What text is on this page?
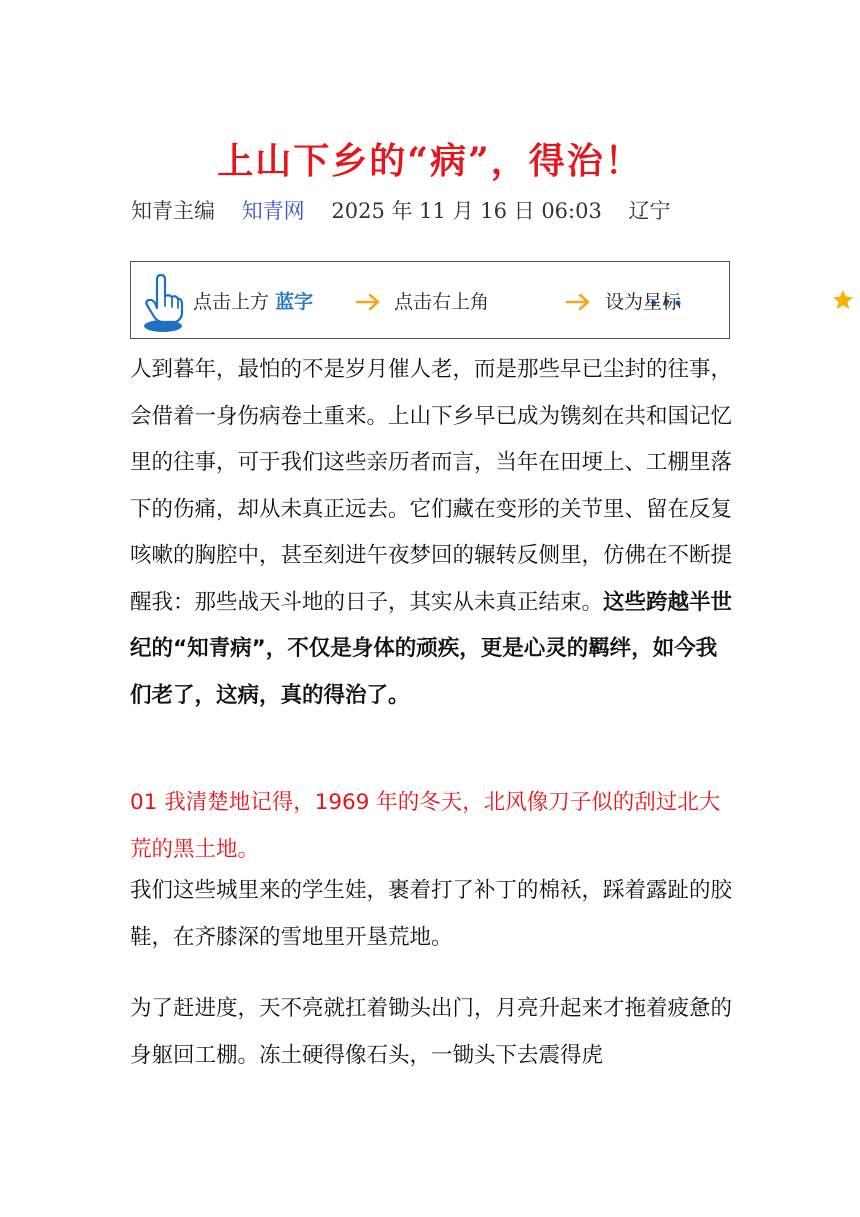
上山下乡的“病”，得治！
知青主编 知青网 2025 年 11 月 16 日 06:03 辽宁
点击上方 蓝字	点击右上角	设为星标
人到暮年，最怕的不是岁月催人老，而是那些早已尘封的往事，会借着一身伤病卷土重来。上山下乡早已成为镌刻在共和国记忆里的往事，可于我们这些亲历者而言，当年在田埂上、工棚里落下的伤痛，却从未真正远去。它们藏在变形的关节里、留在反复咳嗽的胸腔中，甚至刻进午夜梦回的辗转反侧里，仿佛在不断提醒我：那些战天斗地的日子，其实从未真正结束。这些跨越半世纪的“知青病”，不仅是身体的顽疾，更是心灵的羁绊，如今我们老了，这病，真的得治了。
01 我清楚地记得，1969 年的冬天，北风像刀子似的刮过北大荒的黑土地。
我们这些城里来的学生娃，裹着打了补丁的棉袄，踩着露趾的胶鞋，在齐膝深的雪地里开垦荒地。
为了赶进度，天不亮就扛着锄头出门，月亮升起来才拖着疲惫的身躯回工棚。冻土硬得像石头，一锄头下去震得虎
